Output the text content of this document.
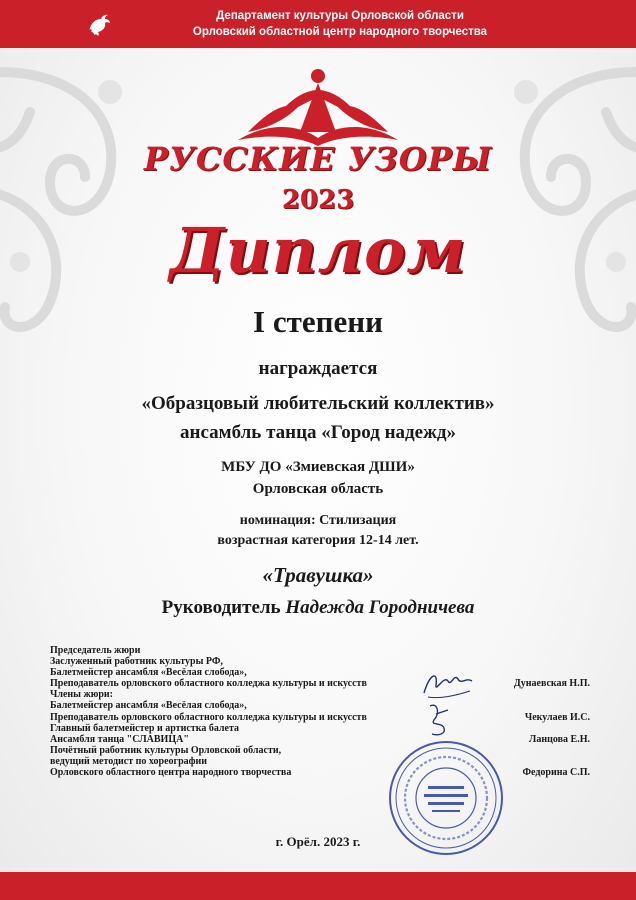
Департамент культуры Орловской области
Орловский областной центр народного творчества
РУССКИЕ УЗОРЫ
2023
Диплом
I степени
награждается
«Образцовый любительский коллектив»
ансамбль танца «Город надежд»
МБУ ДО «Змиевская ДШИ»
Орловская область
номинация: Стилизация
возрастная категория 12-14 лет.
«Травушка»
Руководитель Надежда Городничева
Председатель жюри
Заслуженный работник культуры РФ,
Балетмейстер ансамбля «Весёлая слобода»,
Преподаватель орловского областного колледжа культуры и искусств	Дунаевская Н.П.
Члены жюри:
Балетмейстер ансамбля «Весёлая слобода»,
Преподаватель орловского областного колледжа культуры и искусств	Чекулаев И.С.
Главный балетмейстер и артистка балета
Ансамбля танца "СЛАВИЦА"	Ланцова Е.Н.
Почётный работник культуры Орловской области,
ведущий методист по хореографии
Орловского областного центра народного творчества	Федорина С.П.
г. Орёл. 2023 г.
